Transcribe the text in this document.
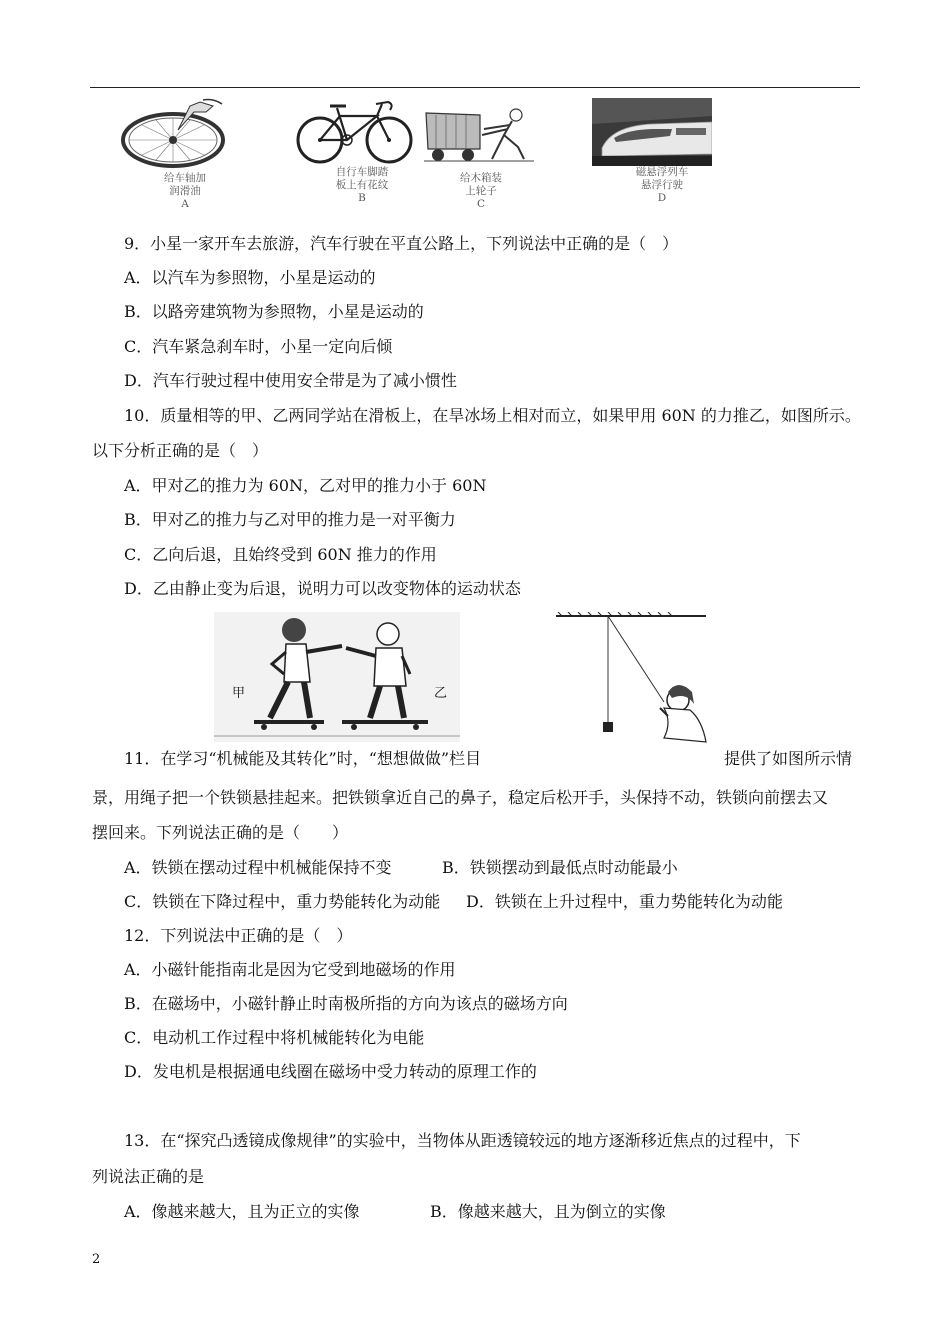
给车轴加
润滑油
A
自行车脚踏
板上有花纹
B
给木箱装
上轮子
C
磁悬浮列车
悬浮行驶
D
9．小星一家开车去旅游，汽车行驶在平直公路上，下列说法中正确的是（　）
A．以汽车为参照物，小星是运动的
B．以路旁建筑物为参照物，小星是运动的
C．汽车紧急刹车时，小星一定向后倾
D．汽车行驶过程中使用安全带是为了减小惯性
10．质量相等的甲、乙两同学站在滑板上，在旱冰场上相对而立，如果甲用 60N 的力推乙，如图所示。
以下分析正确的是（　）
A．甲对乙的推力为 60N，乙对甲的推力小于 60N
B．甲对乙的推力与乙对甲的推力是一对平衡力
C．乙向后退，且始终受到 60N 推力的作用
D．乙由静止变为后退，说明力可以改变物体的运动状态
甲	乙
11．在学习“机械能及其转化”时，“想想做做”栏目	提供了如图所示情
景，用绳子把一个铁锁悬挂起来。把铁锁拿近自己的鼻子，稳定后松开手，头保持不动，铁锁向前摆去又
摆回来。下列说法正确的是（　　）
A．铁锁在摆动过程中机械能保持不变	B．铁锁摆动到最低点时动能最小
C．铁锁在下降过程中，重力势能转化为动能 D．铁锁在上升过程中，重力势能转化为动能
12．下列说法中正确的是（　）
A．小磁针能指南北是因为它受到地磁场的作用
B．在磁场中，小磁针静止时南极所指的方向为该点的磁场方向
C．电动机工作过程中将机械能转化为电能
D．发电机是根据通电线圈在磁场中受力转动的原理工作的
13．在“探究凸透镜成像规律”的实验中，当物体从距透镜较远的地方逐渐移近焦点的过程中，下
列说法正确的是
A．像越来越大，且为正立的实像	B．像越来越大，且为倒立的实像
2
